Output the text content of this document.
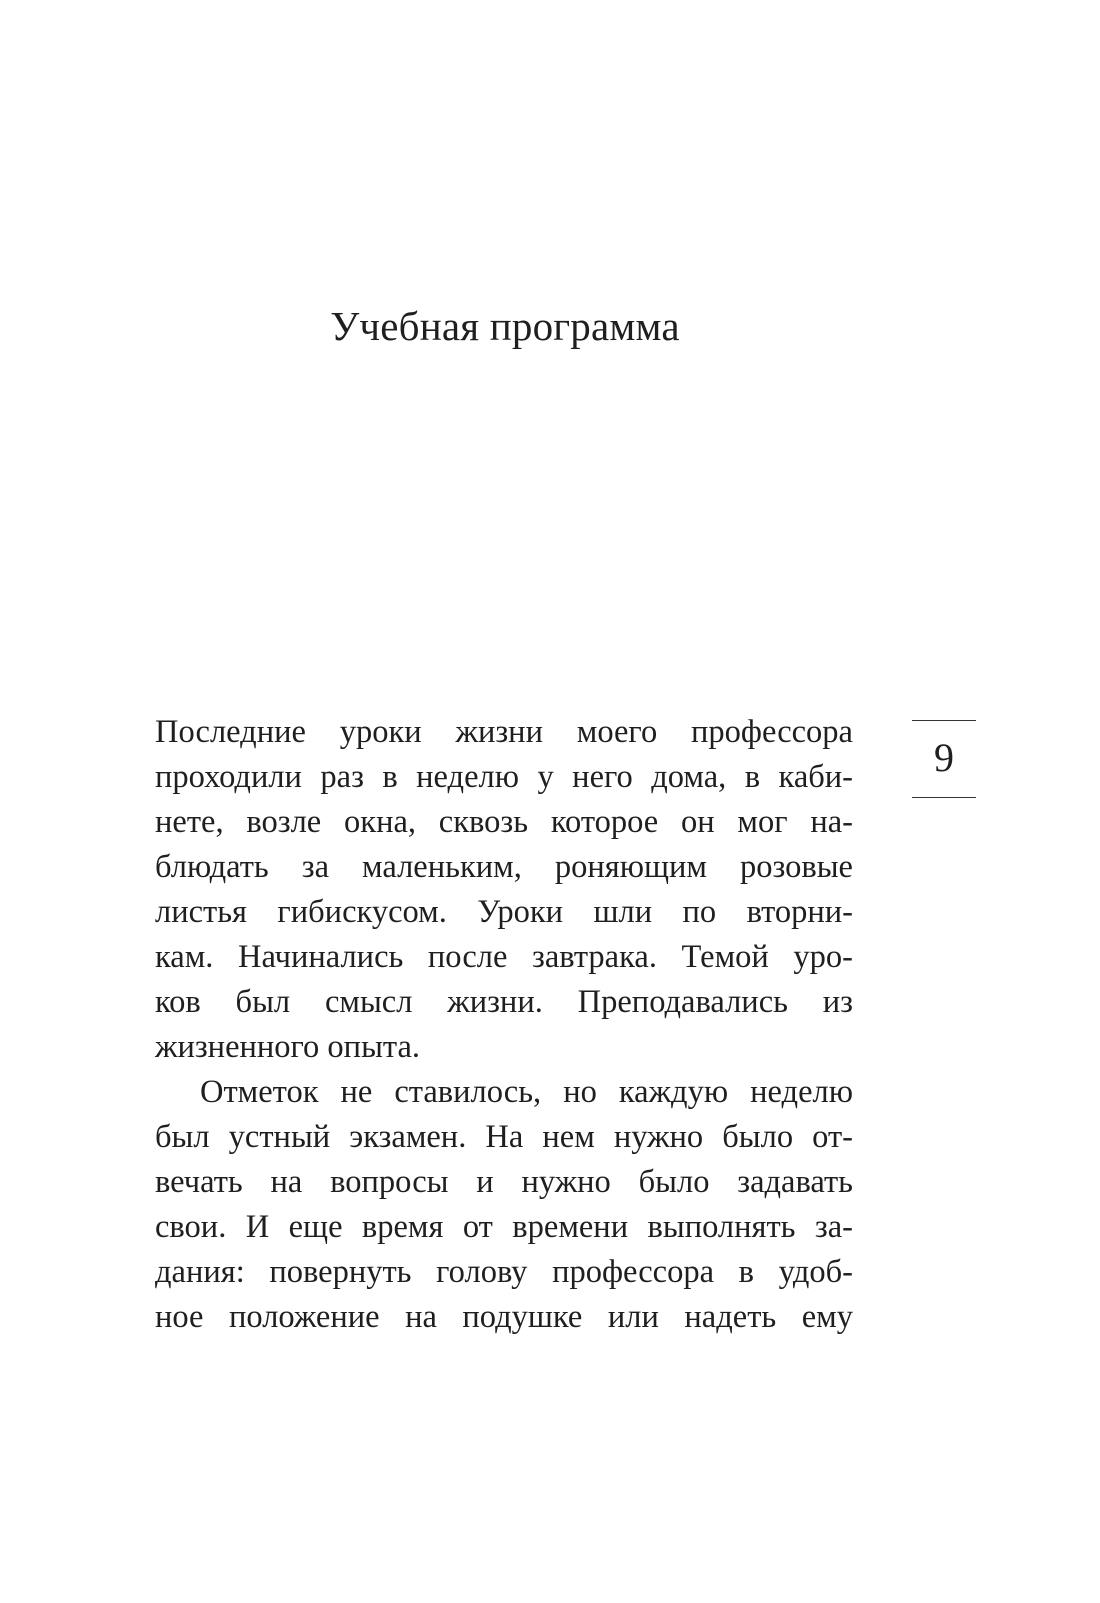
Учебная программа
9
Последние уроки жизни моего профессора
проходили раз в неделю у него дома, в каби-
нете, возле окна, сквозь которое он мог на-
блюдать за маленьким, роняющим розовые
листья гибискусом. Уроки шли по вторни-
кам. Начинались после завтрака. Темой уро-
ков был смысл жизни. Преподавались из
жизненного опыта.
Отметок не ставилось, но каждую неделю
был устный экзамен. На нем нужно было от-
вечать на вопросы и нужно было задавать
свои. И еще время от времени выполнять за-
дания: повернуть голову профессора в удоб-
ное положение на подушке или надеть ему
